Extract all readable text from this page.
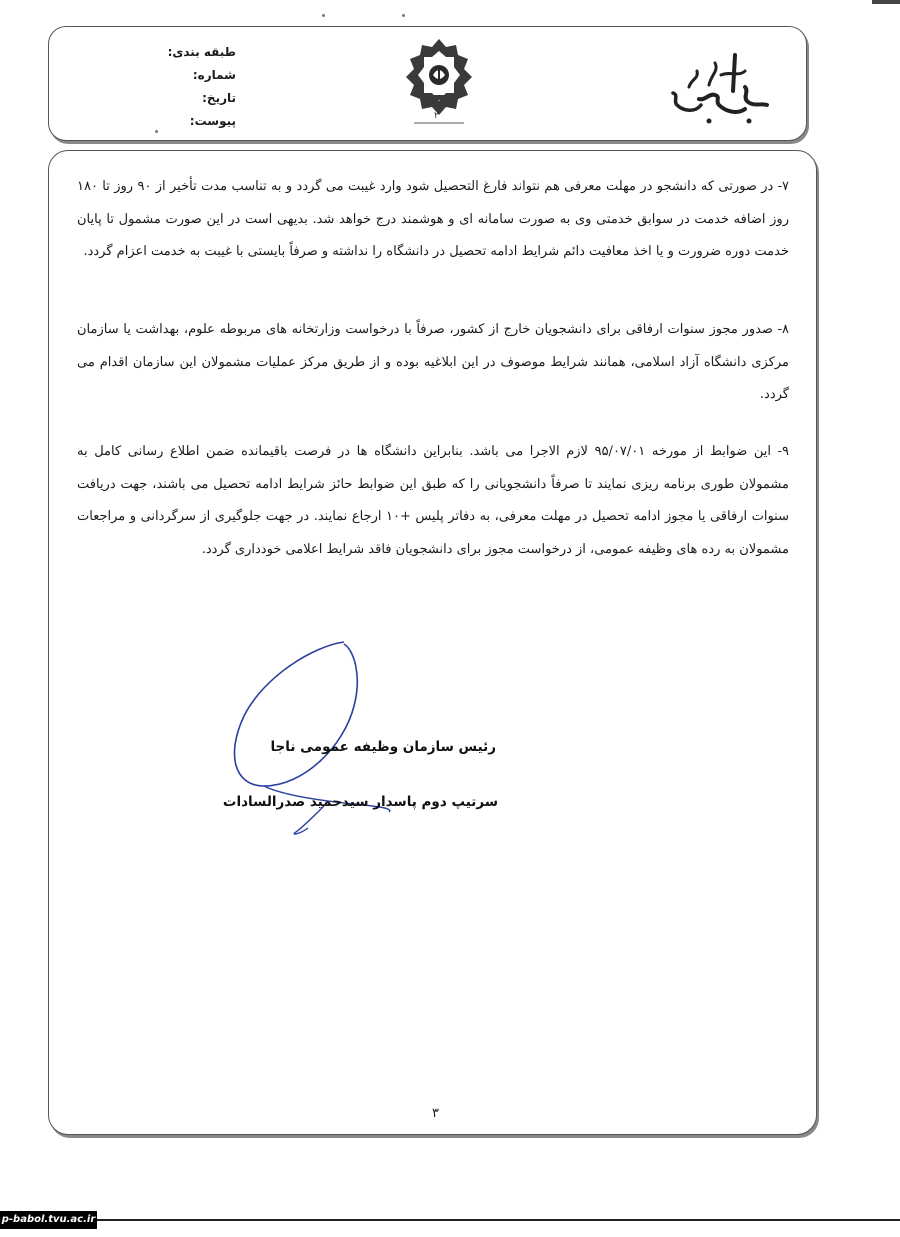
طبقه بندی:
شماره:
تاریخ:
پیوست:	۲
۷- در صورتی که دانشجو در مهلت معرفی هم نتواند فارغ التحصیل شود وارد غیبت می گردد و به تناسب مدت تأخیر از ۹۰ روز تا ۱۸۰ روز اضافه خدمت در سوابق خدمتی وی به صورت سامانه ای و هوشمند درج خواهد شد. بدیهی است در این صورت مشمول تا پایان خدمت دوره ضرورت و یا اخذ معافیت دائم شرایط ادامه تحصیل در دانشگاه را نداشته و صرفاً بایستی با غیبت به خدمت اعزام گردد.
۸- صدور مجوز سنوات ارفاقی برای دانشجویان خارج از کشور، صرفاً با درخواست وزارتخانه های مربوطه علوم، بهداشت یا سازمان مرکزی دانشگاه آزاد اسلامی، همانند شرایط موصوف در این ابلاغیه بوده و از طریق مرکز عملیات مشمولان این سازمان اقدام می گردد.
۹- این ضوابط از مورخه ۹۵/۰۷/۰۱ لازم الاجرا می باشد. بنابراین دانشگاه ها در فرصت باقیمانده ضمن اطلاع رسانی کامل به مشمولان طوری برنامه ریزی نمایند تا صرفاً دانشجویانی را که طبق این ضوابط حائز شرایط ادامه تحصیل می باشند، جهت دریافت سنوات ارفاقی یا مجوز ادامه تحصیل در مهلت معرفی، به دفاتر پلیس +۱۰ ارجاع نمایند. در جهت جلوگیری از سرگردانی و مراجعات مشمولان به رده های وظیفه عمومی، از درخواست مجوز برای دانشجویان فاقد شرایط اعلامی خودداری گردد.
رئیس سازمان وظیفه عمومی ناجا
سرتیپ دوم پاسدار سیدحمید صدرالسادات
۳
p-babol.tvu.ac.ir
